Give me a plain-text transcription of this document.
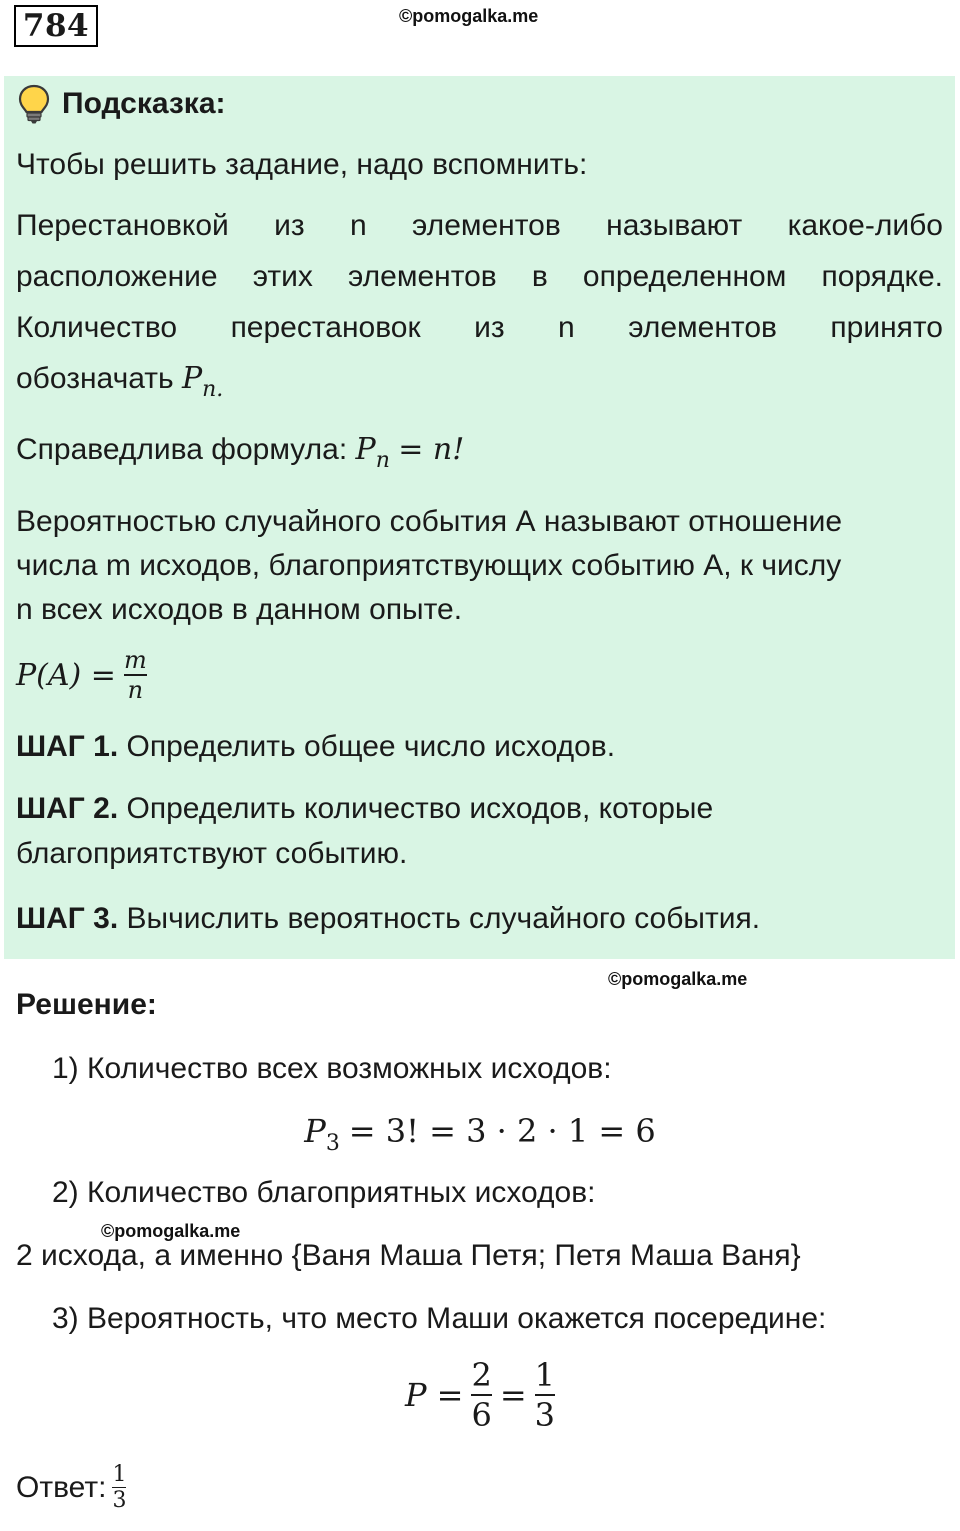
784	©pomogalka.me
Подсказка:
Чтобы решить задание, надо вспомнить:
Перестановкой из n элементов называют какое-либо
расположение этих элементов в определенном порядке.
Количество перестановок из n элементов принято
обозначать $P_{n.}$
Справедлива формула: $P_n = n$!
Вероятностью случайного события А называют отношение
числа m исходов, благоприятствующих событию А, к числу
n всех исходов в данном опыте.
$P(A) = \frac{m}{n}$
ШАГ 1. Определить общее число исходов.
ШАГ 2. Определить количество исходов, которые
благоприятствуют событию.
ШАГ 3. Вычислить вероятность случайного события.
©pomogalka.me
Решение:
1) Количество всех возможных исходов:
$P_3 = 3$! = 3 · 2 · 1 = 6
2) Количество благоприятных исходов:
©pomogalka.me
2 исхода, а именно {Ваня Маша Петя; Петя Маша Ваня}
3) Вероятность, что место Маши окажется посередине:
$P = \frac{2}{6} = \frac{1}{3}$
Ответ: $\frac{1}{3}$
